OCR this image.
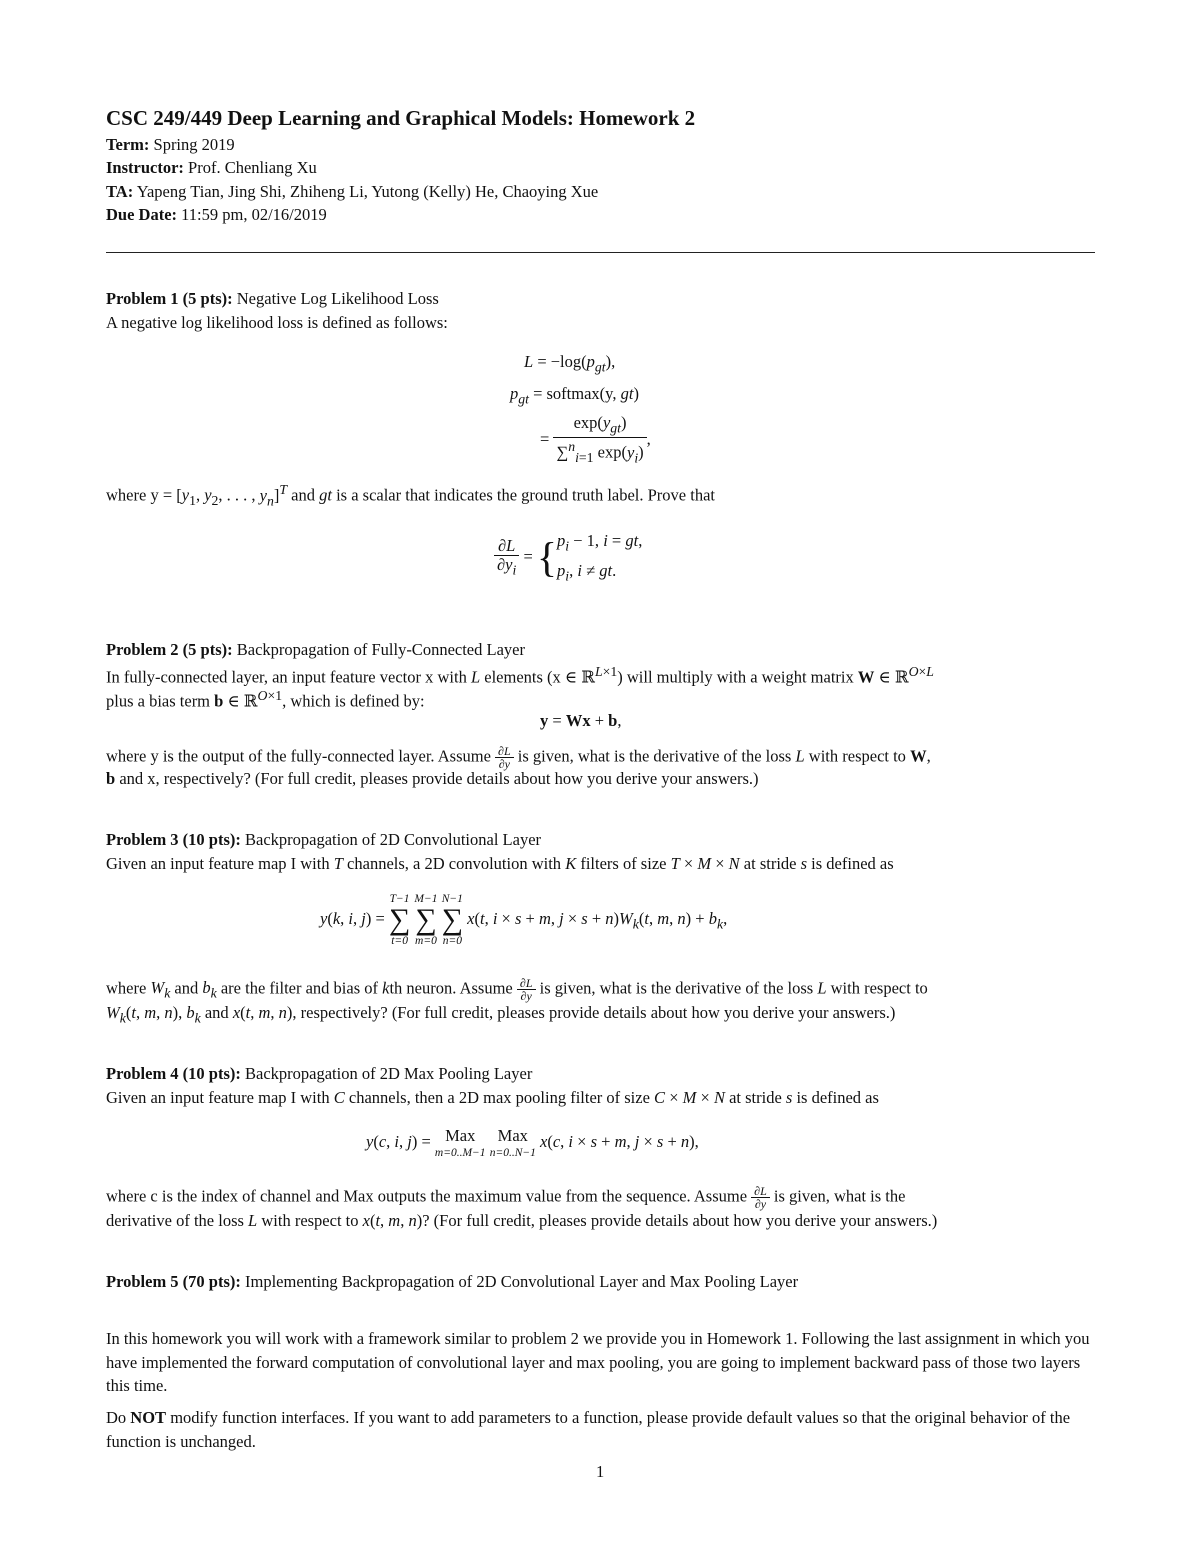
CSC 249/449 Deep Learning and Graphical Models: Homework 2
Term: Spring 2019
Instructor: Prof. Chenliang Xu
TA: Yapeng Tian, Jing Shi, Zhiheng Li, Yutong (Kelly) He, Chaoying Xue
Due Date: 11:59 pm, 02/16/2019
Problem 1 (5 pts): Negative Log Likelihood Loss
A negative log likelihood loss is defined as follows:
$L = -\log(p_{gt})$,
$p_{gt}$ = softmax(y, gt)
= $\frac{\exp(y_{gt})}{\sum^n_{i=1} \exp(y_i)}$ ,
where $y = [y_1$, $y_2$, . . . , $y_n]^T$ and gt is a scalar that indicates the ground truth label. Prove that
$\frac{\partial L}{\partial y_i} = \{p_i - 1$, i = gt,
$p_i$, i ≠ gt.
Problem 2 (5 pts): Backpropagation of Fully-Connected Layer
In fully-connected layer, an input feature vector x with L elements (x ∈ ℝ$^{L\times 1}$) will multiply with a weight matrix W ∈ ℝ$^{O\times L}$
plus a bias term b ∈ ℝ$^{O\times 1}$, which is defined by:
y = Wx + b,
where y is the output of the fully-connected layer. Assume $\frac{\partial L}{\partial y}$ is given, what is the derivative of the loss L with respect to W,
b and x, respectively? (For full credit, pleases provide details about how you derive your answers.)
Problem 3 (10 pts): Backpropagation of 2D Convolutional Layer
Given an input feature map I with T channels, a 2D convolution with K filters of size T × M × N at stride s is defined as
y(k, i, j) =
T−1
∑
t=0

M−1
∑
m=0

N−1
∑
n=0
x(t, i × s + m, $j \times s + n)W_k(t$, m, $n) + b_k$,
where $W_k$ and $b_k$ are the filter and bias of kth neuron. Assume $\frac{\partial L}{\partial y}$ is given, what is the derivative of the loss L with respect to
$W_k(t$, m, n), $b_k$ and x(t, m, n), respectively? (For full credit, pleases provide details about how you derive your answers.)
Problem 4 (10 pts): Backpropagation of 2D Max Pooling Layer
Given an input feature map I with C channels, then a 2D max pooling filter of size C × M × N at stride s is defined as
y(c, i, j) = Max
m=0..M−1

Max
n=0..N−1
x(c, i × s + m, j × s + n),
where c is the index of channel and Max outputs the maximum value from the sequence. Assume $\frac{\partial L}{\partial y}$ is given, what is the
derivative of the loss L with respect to x(t, m, n)? (For full credit, pleases provide details about how you derive your answers.)
Problem 5 (70 pts): Implementing Backpropagation of 2D Convolutional Layer and Max Pooling Layer
In this homework you will work with a framework similar to problem 2 we provide you in Homework 1. Following the last assignment in which you have implemented the forward computation of convolutional layer and max pooling, you are going to implement backward pass of those two layers this time.
Do NOT modify function interfaces. If you want to add parameters to a function, please provide default values so that the original behavior of the function is unchanged.
1
